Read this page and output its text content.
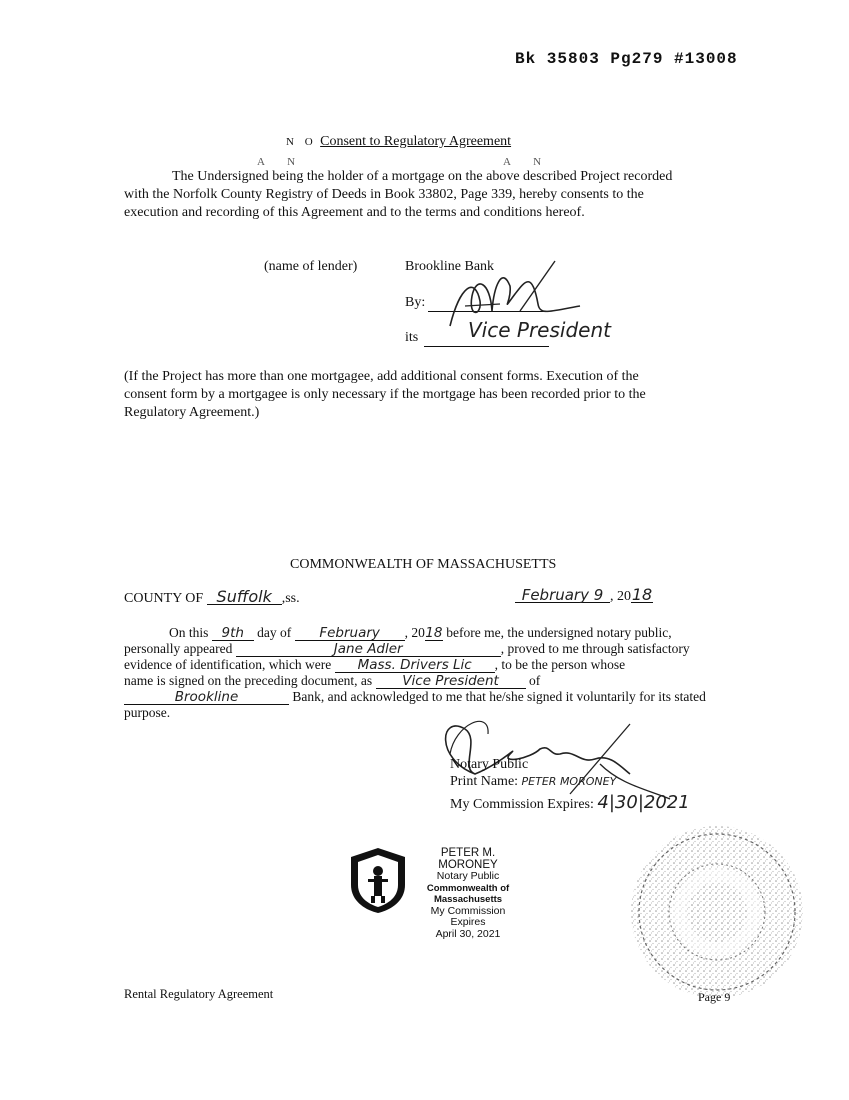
Bk 35803 Pg279 #13008
N O Consent to Regulatory Agreement
A N	A N
The Undersigned being the holder of a mortgage on the above described Project recorded
with the Norfolk County Registry of Deeds in Book 33802, Page 339, hereby consents to the
execution and recording of this Agreement and to the terms and conditions hereof.
(name of lender)	Brookline Bank
By:
its Vice President
(If the Project has more than one mortgagee, add additional consent forms. Execution of the
consent form by a mortgagee is only necessary if the mortgage has been recorded prior to the
Regulatory Agreement.)
COMMONWEALTH OF MASSACHUSETTS
COUNTY OF Suffolk ,ss.	February 9 , 2018
On this 9th day of February , 2018 before me, the undersigned notary public,
personally appeared	Jane Adler	, proved to me through satisfactory
evidence of identification, which were Mass. Drivers Lic , to be the person whose
name is signed on the preceding document, as Vice President of
Brookline	Bank, and acknowledged to me that he/she signed it voluntarily for its stated
purpose.
Notary Public
Print Name: PETER MORONEY
My Commission Expires: 4|30|2021
PETER M. MORONEY
Notary Public
Commonwealth of Massachusetts
My Commission Expires
April 30, 2021
Rental Regulatory Agreement	Page 9
